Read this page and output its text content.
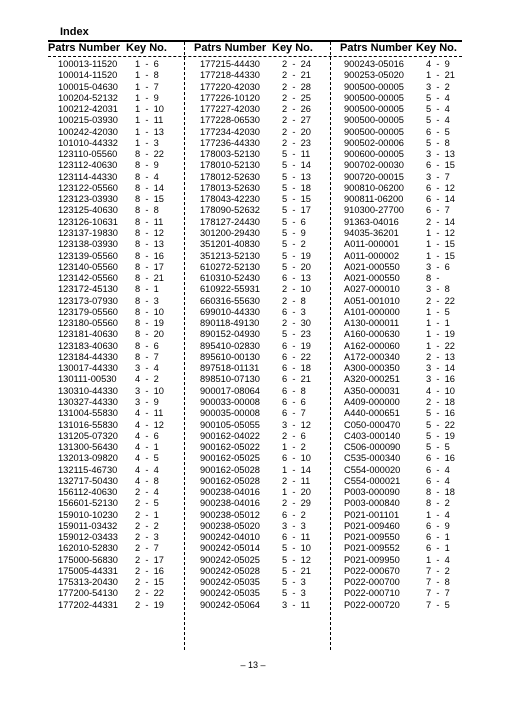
Index
Patrs Number Key No.
100013-11520 1  -  6
100014-11520 1  -  8
100015-04630 1  -  7
100204-52132 1  -  9
100212-42031 1  -  10
100215-03930 1  -  11
100242-42030 1  -  13
101010-44332 1  -  3
123110-05560 8  -  22
123112-40630 8  -  9
123114-44330 8  -  4
123122-05560 8  -  14
123123-03930 8  -  15
123125-40630 8  -  8
123126-10631 8  -  11
123137-19830 8  -  12
123138-03930 8  -  13
123139-05560 8  -  16
123140-05560 8  -  17
123142-05560 8  -  21
123172-45130 8  -  1
123173-07930 8  -  3
123179-05560 8  -  10
123180-05560 8  -  19
123181-40630 8  -  20
123183-40630 8  -  6
123184-44330 8  -  7
130017-44330 3  -  4
130111-00530 4  -  2
130310-44330 3  -  10
130327-44330 3  -  9
131004-55830 4  -  11
131016-55830 4  -  12
131205-07320 4  -  6
131300-56430 4  -  1
132013-09820 4  -  5
132115-46730 4  -  4
132717-50430 4  -  8
156112-40630 2  -  4
156601-52130 2  -  5
159010-10230 2  -  1
159011-03432 2  -  2
159012-03433 2  -  3
162010-52830 2  -  7
175000-56830 2  -  17
175005-44331 2  -  16
175313-20430 2  -  15
177200-54130 2  -  22
177202-44331 2  -  19
Patrs Number Key No.
177215-44430 2  -  24
177218-44330 2  -  21
177220-42030 2  -  28
177226-10120 2  -  25
177227-42030 2  -  26
177228-06530 2  -  27
177234-42030 2  -  20
177236-44330 2  -  23
178003-52130 5  -  11
178010-52130 5  -  14
178012-52630 5  -  13
178013-52630 5  -  18
178043-42230 5  -  15
178090-52632 5  -  17
178127-24430 5  -  6
301200-29430 5  -  9
351201-40830 5  -  2
351213-52130 5  -  19
610272-52130 5  -  20
610310-52430 6  -  13
610922-55931 2  -  10
660316-55630 2  -  8
699010-44330 6  -  3
890118-49130 2  -  30
890152-04930 5  -  23
895410-02830 6  -  19
895610-00130 6  -  22
897518-01131 6  -  18
898510-07130 6  -  21
900017-08064 6  -  8
900033-00008 6  -  6
900035-00008 6  -  7
900105-05055 3  -  12
900162-04022 2  -  6
900162-05022 1  -  2
900162-05025 6  -  10
900162-05028 1  -  14
900162-05028 2  -  11
900238-04016 1  -  20
900238-04016 2  -  29
900238-05012 6  -  2
900238-05020 3  -  3
900242-04010 6  -  11
900242-05014 5  -  10
900242-05025 5  -  12
900242-05028 5  -  21
900242-05035 5  -  3
900242-05035 5  -  3
900242-05064 3  -  11
Patrs Number Key No.
900243-05016 4  -  9
900253-05020 1  -  21
900500-00005 3  -  2
900500-00005 5  -  4
900500-00005 5  -  4
900500-00005 5  -  4
900500-00005 6  -  5
900502-00006 5  -  8
900600-00005 3  -  13
900702-00030 6  -  15
900720-00015 3  -  7
900810-06200 6  -  12
900811-06200 6  -  14
910300-27700 6  -  7
91363-04016	2  -  14
94035-36201	1  -  12
A011-000001	1  -  15
A011-000002	1  -  15
A021-000550	3  -  6
A021-000550	8  -
A027-000010	3  -  8
A051-001010	2  -  22
A101-000000	1  -  5
A130-000011	1  -  1
A160-000630	1  -  19
A162-000060	1  -  22
A172-000340	2  -  13
A300-000350	3  -  14
A320-000251	3  -  16
A350-000031	4  -  10
A409-000000	2  -  18
A440-000651	5  -  16
C050-000470	5  -  22
C403-000140	5  -  19
C506-000090	5  -  5
C535-000340	6  -  16
C554-000020	6  -  4
C554-000021	6  -  4
P003-000090	8  -  18
P003-000840	8  -  2
P021-001101	1  -  4
P021-009460	6  -  9
P021-009550	6  -  1
P021-009552	6  -  1
P021-009950	1  -  4
P022-000670	7  -  2
P022-000700	7  -  8
P022-000710	7  -  7
P022-000720	7  -  5
– 13 –
